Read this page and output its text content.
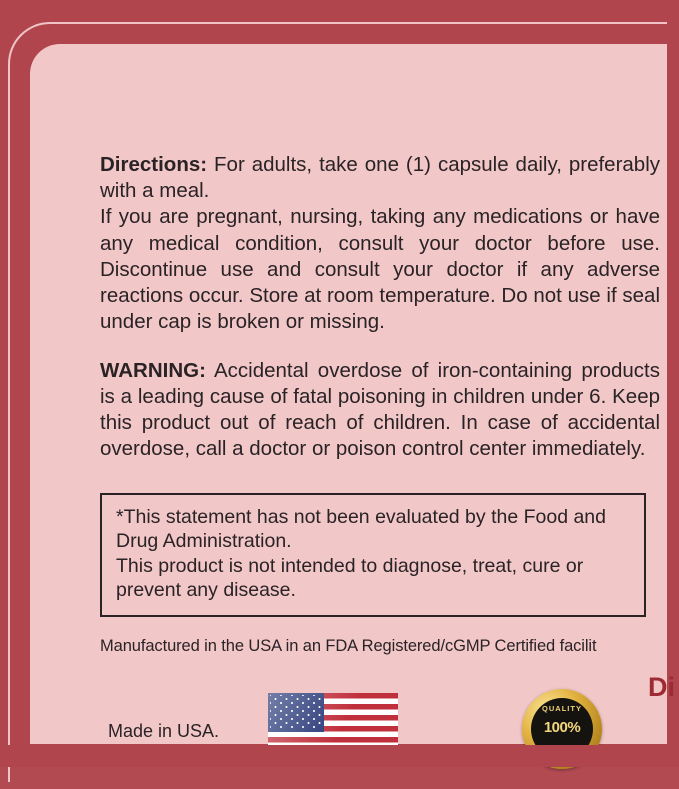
Directions: For adults, take one (1) capsule daily, preferably with a meal.
If you are pregnant, nursing, taking any medications or have any medical condition, consult your doctor before use. Discontinue use and consult your doctor if any adverse reactions occur. Store at room temperature. Do not use if seal under cap is broken or missing.
WARNING: Accidental overdose of iron-containing products is a leading cause of fatal poisoning in children under 6. Keep this product out of reach of children. In case of accidental overdose, call a doctor or poison control center immediately.
*This statement has not been evaluated by the Food and Drug Administration.
This product is not intended to diagnose, treat, cure or prevent any disease.
Manufactured in the USA in an FDA Registered/cGMP Certified facilit
Made in USA.
QUALITY
100%
Di
